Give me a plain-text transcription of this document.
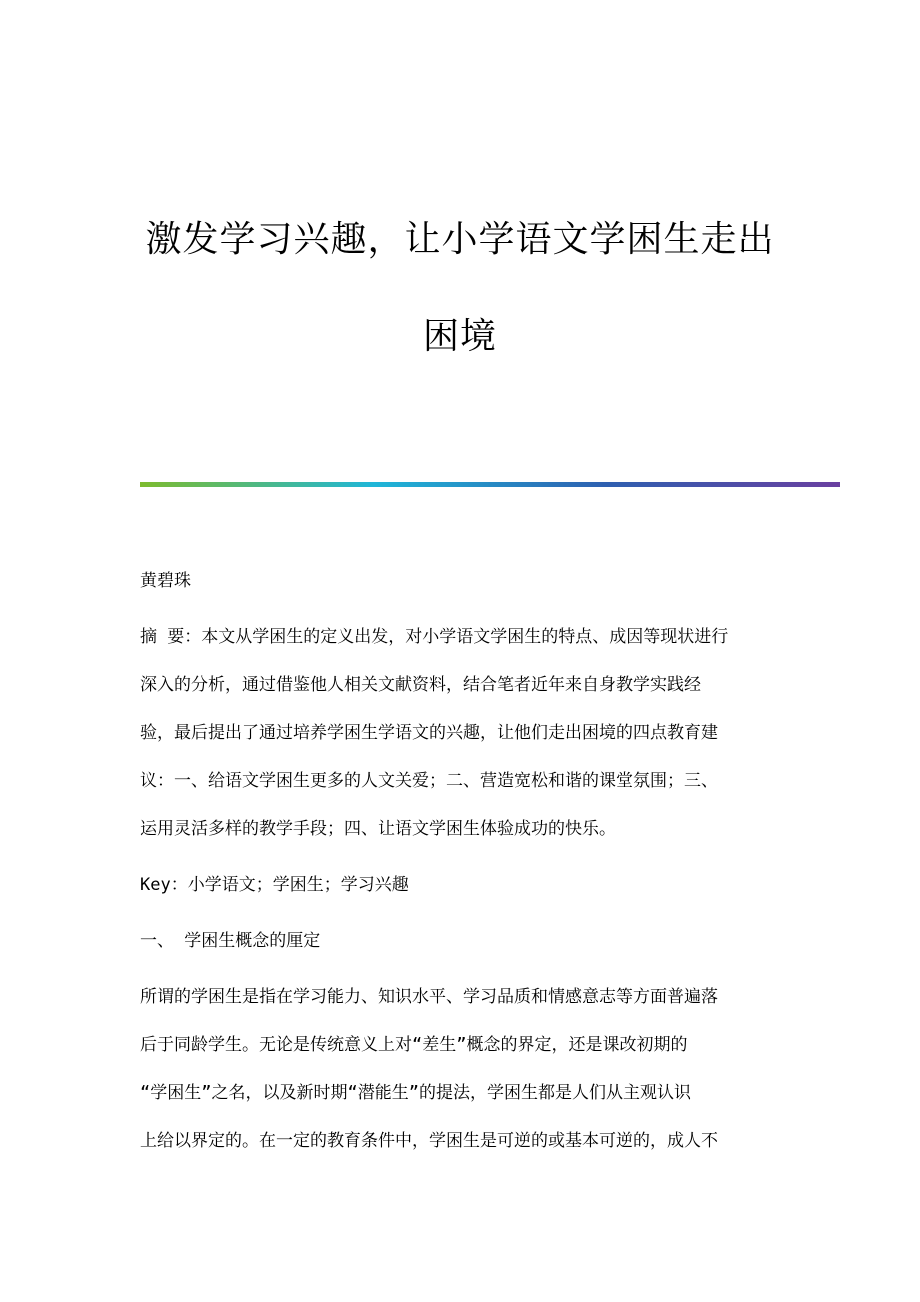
激发学习兴趣，让小学语文学困生走出
困境
黄碧珠
摘 要：本文从学困生的定义出发，对小学语文学困生的特点、成因等现状进行
深入的分析，通过借鉴他人相关文献资料，结合笔者近年来自身教学实践经
验，最后提出了通过培养学困生学语文的兴趣，让他们走出困境的四点教育建
议：一、给语文学困生更多的人文关爱；二、营造宽松和谐的课堂氛围；三、
运用灵活多样的教学手段；四、让语文学困生体验成功的快乐。
Key：小学语文；学困生；学习兴趣
一、 学困生概念的厘定
所谓的学困生是指在学习能力、知识水平、学习品质和情感意志等方面普遍落
后于同龄学生。无论是传统意义上对“差生”概念的界定，还是课改初期的
“学困生”之名，以及新时期“潜能生”的提法，学困生都是人们从主观认识
上给以界定的。在一定的教育条件中，学困生是可逆的或基本可逆的，成人不
